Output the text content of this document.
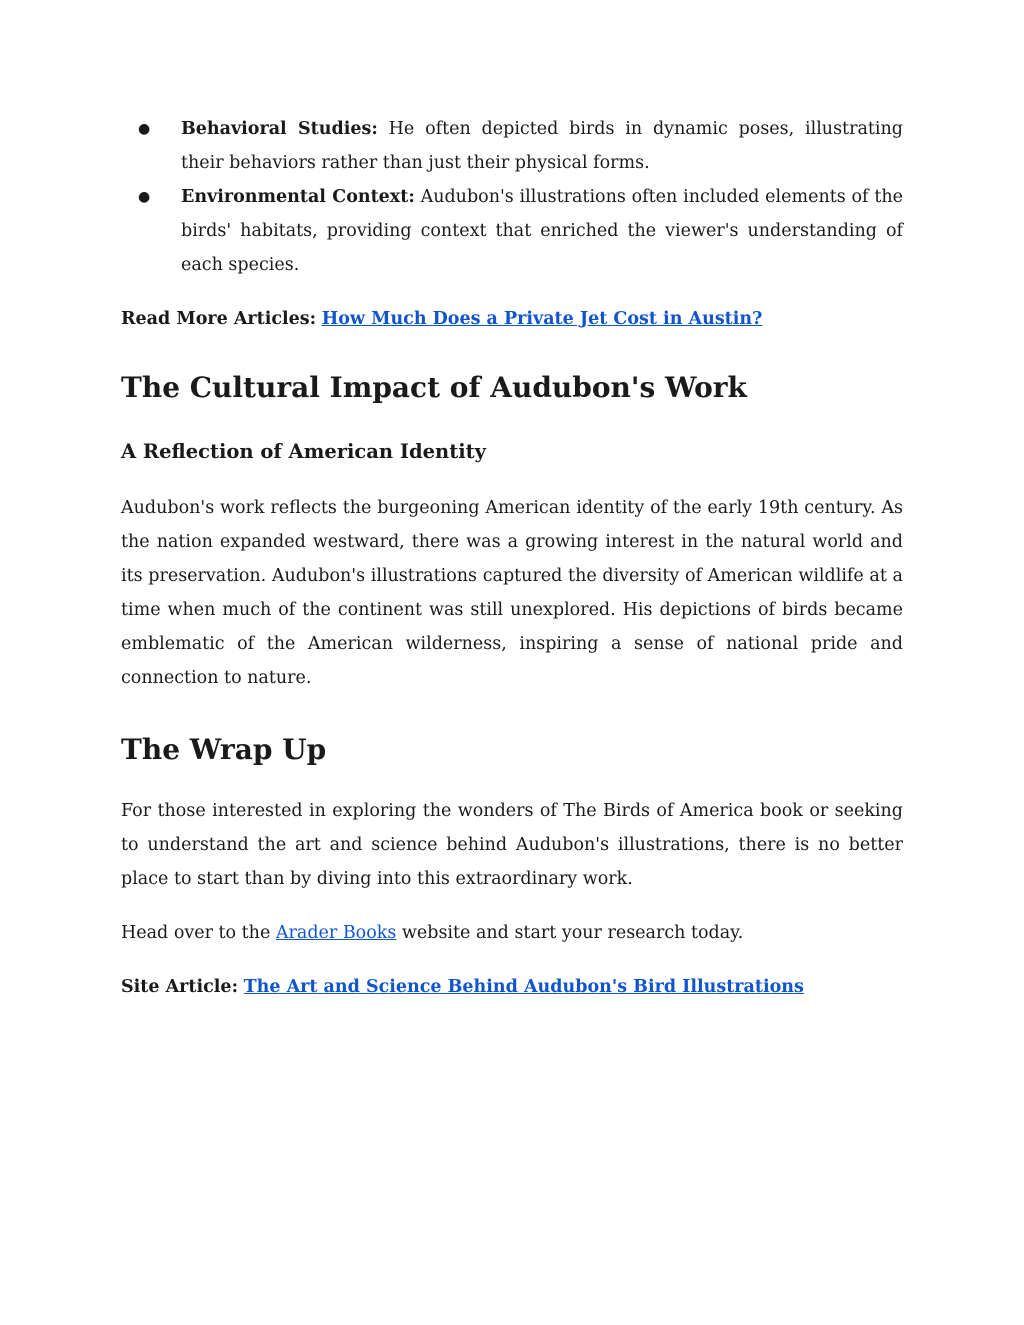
● Behavioral Studies: He often depicted birds in dynamic poses, illustrating their behaviors rather than just their physical forms.
● Environmental Context: Audubon's illustrations often included elements of the birds' habitats, providing context that enriched the viewer's understanding of each species.
Read More Articles: How Much Does a Private Jet Cost in Austin?
The Cultural Impact of Audubon's Work
A Reflection of American Identity

Audubon's work reflects the burgeoning American identity of the early 19th century. As the nation expanded westward, there was a growing interest in the natural world and its preservation. Audubon's illustrations captured the diversity of American wildlife at a time when much of the continent was still unexplored. His depictions of birds became emblematic of the American wilderness, inspiring a sense of national pride and connection to nature.

The Wrap Up

For those interested in exploring the wonders of The Birds of America book or seeking to understand the art and science behind Audubon's illustrations, there is no better place to start than by diving into this extraordinary work.

Head over to the Arader Books website and start your research today.

Site Article: The Art and Science Behind Audubon's Bird Illustrations
